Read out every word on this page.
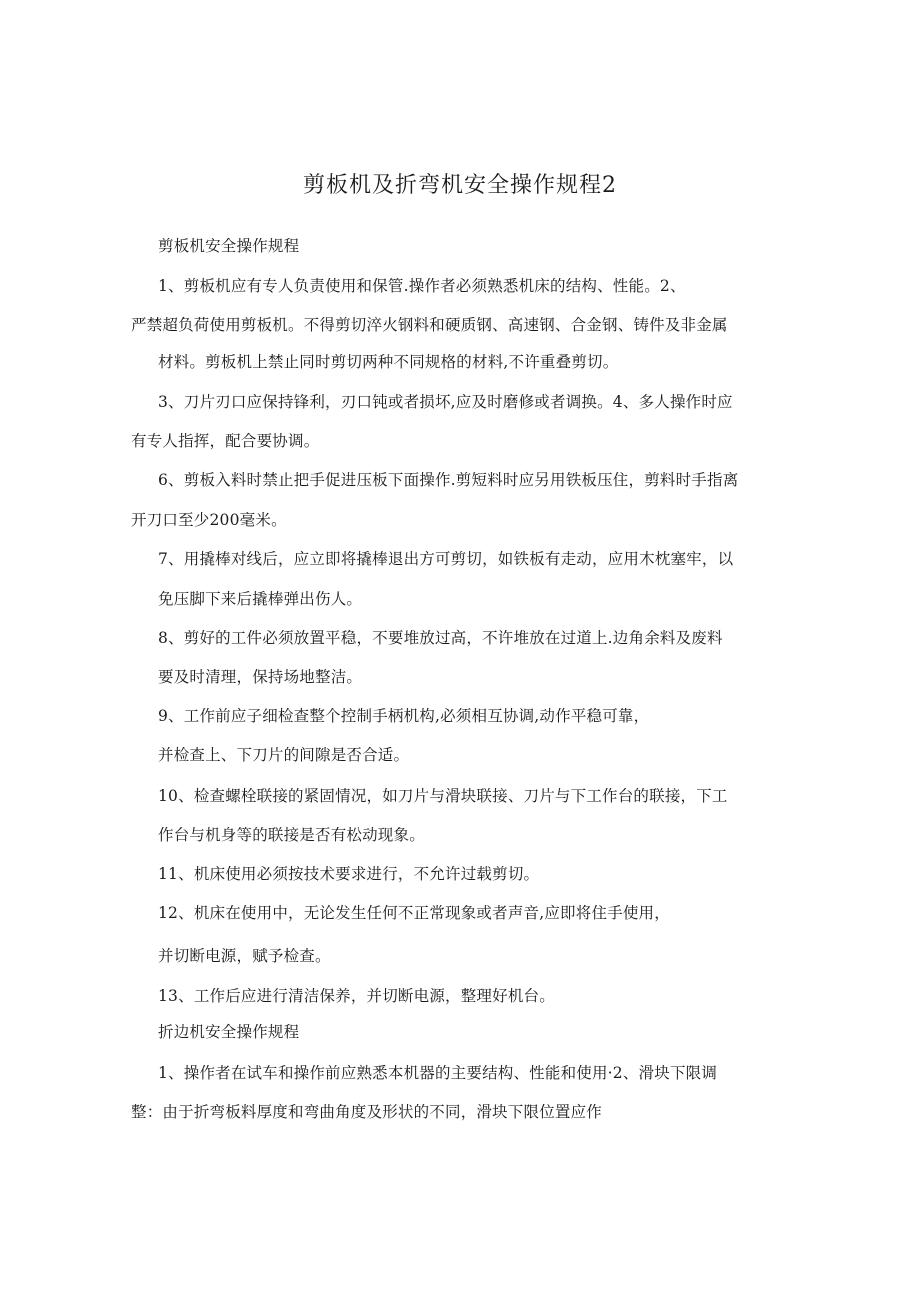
剪板机及折弯机安全操作规程2
剪板机安全操作规程
1、剪板机应有专人负责使用和保管.操作者必须熟悉机床的结构、性能。2、
严禁超负荷使用剪板机。不得剪切淬火钢料和硬质钢、高速钢、合金钢、铸件及非金属
材料。剪板机上禁止同时剪切两种不同规格的材料,不许重叠剪切。
3、刀片刃口应保持锋利，刃口钝或者损坏,应及时磨修或者调换。4、多人操作时应
有专人指挥，配合要协调。
6、剪板入料时禁止把手促进压板下面操作.剪短料时应另用铁板压住，剪料时手指离
开刀口至少200毫米。
7、用撬棒对线后，应立即将撬棒退出方可剪切，如铁板有走动，应用木枕塞牢，以
免压脚下来后撬棒弹出伤人。
8、剪好的工件必须放置平稳，不要堆放过高，不许堆放在过道上.边角余料及废料
要及时清理，保持场地整洁。
9、工作前应子细检查整个控制手柄机构,必须相互协调,动作平稳可靠，
并检查上、下刀片的间隙是否合适。
10、检查螺栓联接的紧固情况，如刀片与滑块联接、刀片与下工作台的联接，下工
作台与机身等的联接是否有松动现象。
11、机床使用必须按技术要求进行，不允许过载剪切。
12、机床在使用中，无论发生任何不正常现象或者声音,应即将住手使用，
并切断电源，赋予检查。
13、工作后应进行清洁保养，并切断电源，整理好机台。
折边机安全操作规程
1、操作者在试车和操作前应熟悉本机器的主要结构、性能和使用·2、滑块下限调
整：由于折弯板料厚度和弯曲角度及形状的不同，滑块下限位置应作
